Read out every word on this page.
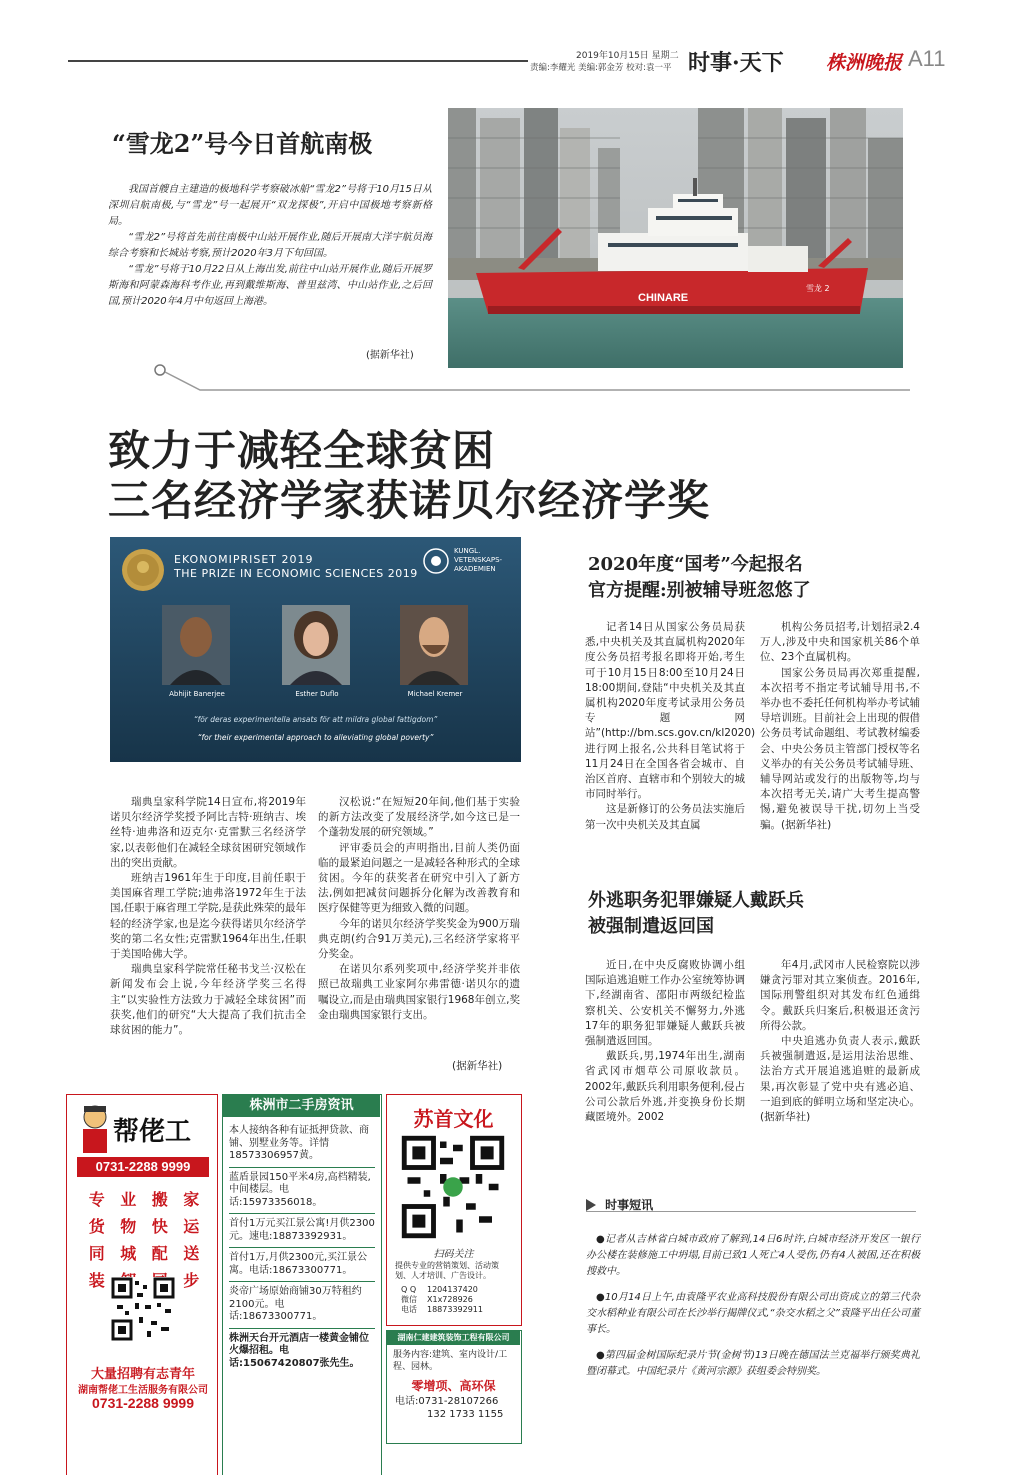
2019年10月15日 星期二
责编:李耀光 美编:郭金芳 校对:袁一平 时事·天下 株洲晚报 A11
“雪龙2”号今日首航南极

我国首艘自主建造的极地科学考察破冰船“雪龙2”号将于10月15日从深圳启航南极,与“雪龙”号一起展开“双龙探极”,开启中国极地考察新格局。

“雪龙2”号将首先前往南极中山站开展作业,随后开展南大洋宇航员海综合考察和长城站考察,预计2020年3月下旬回国。

“雪龙”号将于10月22日从上海出发,前往中山站开展作业,随后开展罗斯海和阿蒙森海科考作业,再到戴维斯海、普里兹湾、中山站作业,之后回国,预计2020年4月中旬返回上海港。

(据新华社)
CHINARE
雪龙 2
致力于减轻全球贫困
三名经济学家获诺贝尔经济学奖
EKONOMIPRISET 2019
THE PRIZE IN ECONOMIC SCIENCES 2019
KUNGL.
VETENSKAPS-
AKADEMIEN
Abhijit Banerjee	Esther Duflo	Michael Kremer
“för deras experimentella ansats för att mildra global fattigdom”
“for their experimental approach to alleviating global poverty”

瑞典皇家科学院14日宣布,将2019年诺贝尔经济学奖授予阿比吉特·班纳吉、埃丝特·迪弗洛和迈克尔·克雷默三名经济学家,以表彰他们在减轻全球贫困研究领域作出的突出贡献。

班纳吉1961年生于印度,目前任职于美国麻省理工学院;迪弗洛1972年生于法国,任职于麻省理工学院,是获此殊荣的最年轻的经济学家,也是迄今获得诺贝尔经济学奖的第二名女性;克雷默1964年出生,任职于美国哈佛大学。

瑞典皇家科学院常任秘书戈兰·汉松在新闻发布会上说,今年经济学奖三名得主“以实验性方法致力于减轻全球贫困”而获奖,他们的研究“大大提高了我们抗击全球贫困的能力”。

汉松说:“在短短20年间,他们基于实验的新方法改变了发展经济学,如今这已是一个蓬勃发展的研究领域。”

评审委员会的声明指出,目前人类仍面临的最紧迫问题之一是减轻各种形式的全球贫困。今年的获奖者在研究中引入了新方法,例如把减贫问题拆分化解为改善教育和医疗保健等更为细致入微的问题。

今年的诺贝尔经济学奖奖金为900万瑞典克朗(约合91万美元),三名经济学家将平分奖金。

在诺贝尔系列奖项中,经济学奖并非依照已故瑞典工业家阿尔弗雷德·诺贝尔的遗嘱设立,而是由瑞典国家银行1968年创立,奖金由瑞典国家银行支出。

(据新华社)
2020年度“国考”今起报名
官方提醒:别被辅导班忽悠了

记者14日从国家公务员局获悉,中央机关及其直属机构2020年度公务员招考报名即将开始,考生可于10月15日8:00至10月24日18:00期间,登陆“中央机关及其直属机构2020年度考试录用公务员专题网站”(http://bm.scs.gov.cn/kl2020)进行网上报名,公共科目笔试将于11月24日在全国各省会城市、自治区首府、直辖市和个别较大的城市同时举行。

这是新修订的公务员法实施后第一次中央机关及其直属

机构公务员招考,计划招录2.4万人,涉及中央和国家机关86个单位、23个直属机构。

国家公务员局再次郑重提醒,本次招考不指定考试辅导用书,不举办也不委托任何机构举办考试辅导培训班。目前社会上出现的假借公务员考试命题组、考试教材编委会、中央公务员主管部门授权等名义举办的有关公务员考试辅导班、辅导网站或发行的出版物等,均与本次招考无关,请广大考生提高警惕,避免被误导干扰,切勿上当受骗。(据新华社)

外逃职务犯罪嫌疑人戴跃兵
被强制遣返回国

近日,在中央反腐败协调小组国际追逃追赃工作办公室统筹协调下,经湖南省、邵阳市两级纪检监察机关、公安机关不懈努力,外逃17年的职务犯罪嫌疑人戴跃兵被强制遣返回国。

戴跃兵,男,1974年出生,湖南省武冈市烟草公司原收款员。2002年,戴跃兵利用职务便利,侵占公司公款后外逃,并变换身份长期藏匿境外。2002

年4月,武冈市人民检察院以涉嫌贪污罪对其立案侦查。2016年,国际刑警组织对其发布红色通缉令。戴跃兵归案后,积极退还贪污所得公款。

中央追逃办负责人表示,戴跃兵被强制遣返,是运用法治思维、法治方式开展追逃追赃的最新成果,再次彰显了党中央有逃必追、一追到底的鲜明立场和坚定决心。(据新华社)

时事短讯

●记者从吉林省白城市政府了解到,14日6时许,白城市经济开发区一银行办公楼在装修施工中坍塌,目前已致1人死亡4人受伤,仍有4人被困,还在积极搜救中。

●10月14日上午,由袁隆平农业高科技股份有限公司出资成立的第三代杂交水稻种业有限公司在长沙举行揭牌仪式,“杂交水稻之父”袁隆平出任公司董事长。

●第四届金树国际纪录片节(金树节)13日晚在德国法兰克福举行颁奖典礼暨闭幕式。中国纪录片《黄河宗源》获组委会特别奖。

帮佬工
0731-2288 9999
专 业 搬 家
货 物 快 运
同 城 配 送
装	步
大量招聘有志青年
湖南帮佬工生活服务有限公司
0731-2288 9999
株洲市二手房资讯
本人接纳各种有证抵押贷款、商铺、别墅业务等。详情18573306957黄。
蓝盾景园150平米4房,高档精装,中间楼层。电话:15973356018。
首付1万元买江景公寓!月供2300元。速电:18873392931。
首付1万,月供2300元,买江景公寓。电话:18673300771。
炎帝广场原始商铺30万特租约2100元。电话:18673300771。
株洲天台开元酒店一楼黄金铺位火爆招租。电话:15067420807张先生。
苏首文化
扫码关注
提供专业的营销策划、活动策划、人才培训、广告设计。
Q Q 1204137420
微信 X1x728926
电话 18873392911
湖南仁建建筑装饰工程有限公司
服务内容:建筑、室内设计/工程、园林。
零增项、高环保
电话:0731-28107266
132 1733 1155
